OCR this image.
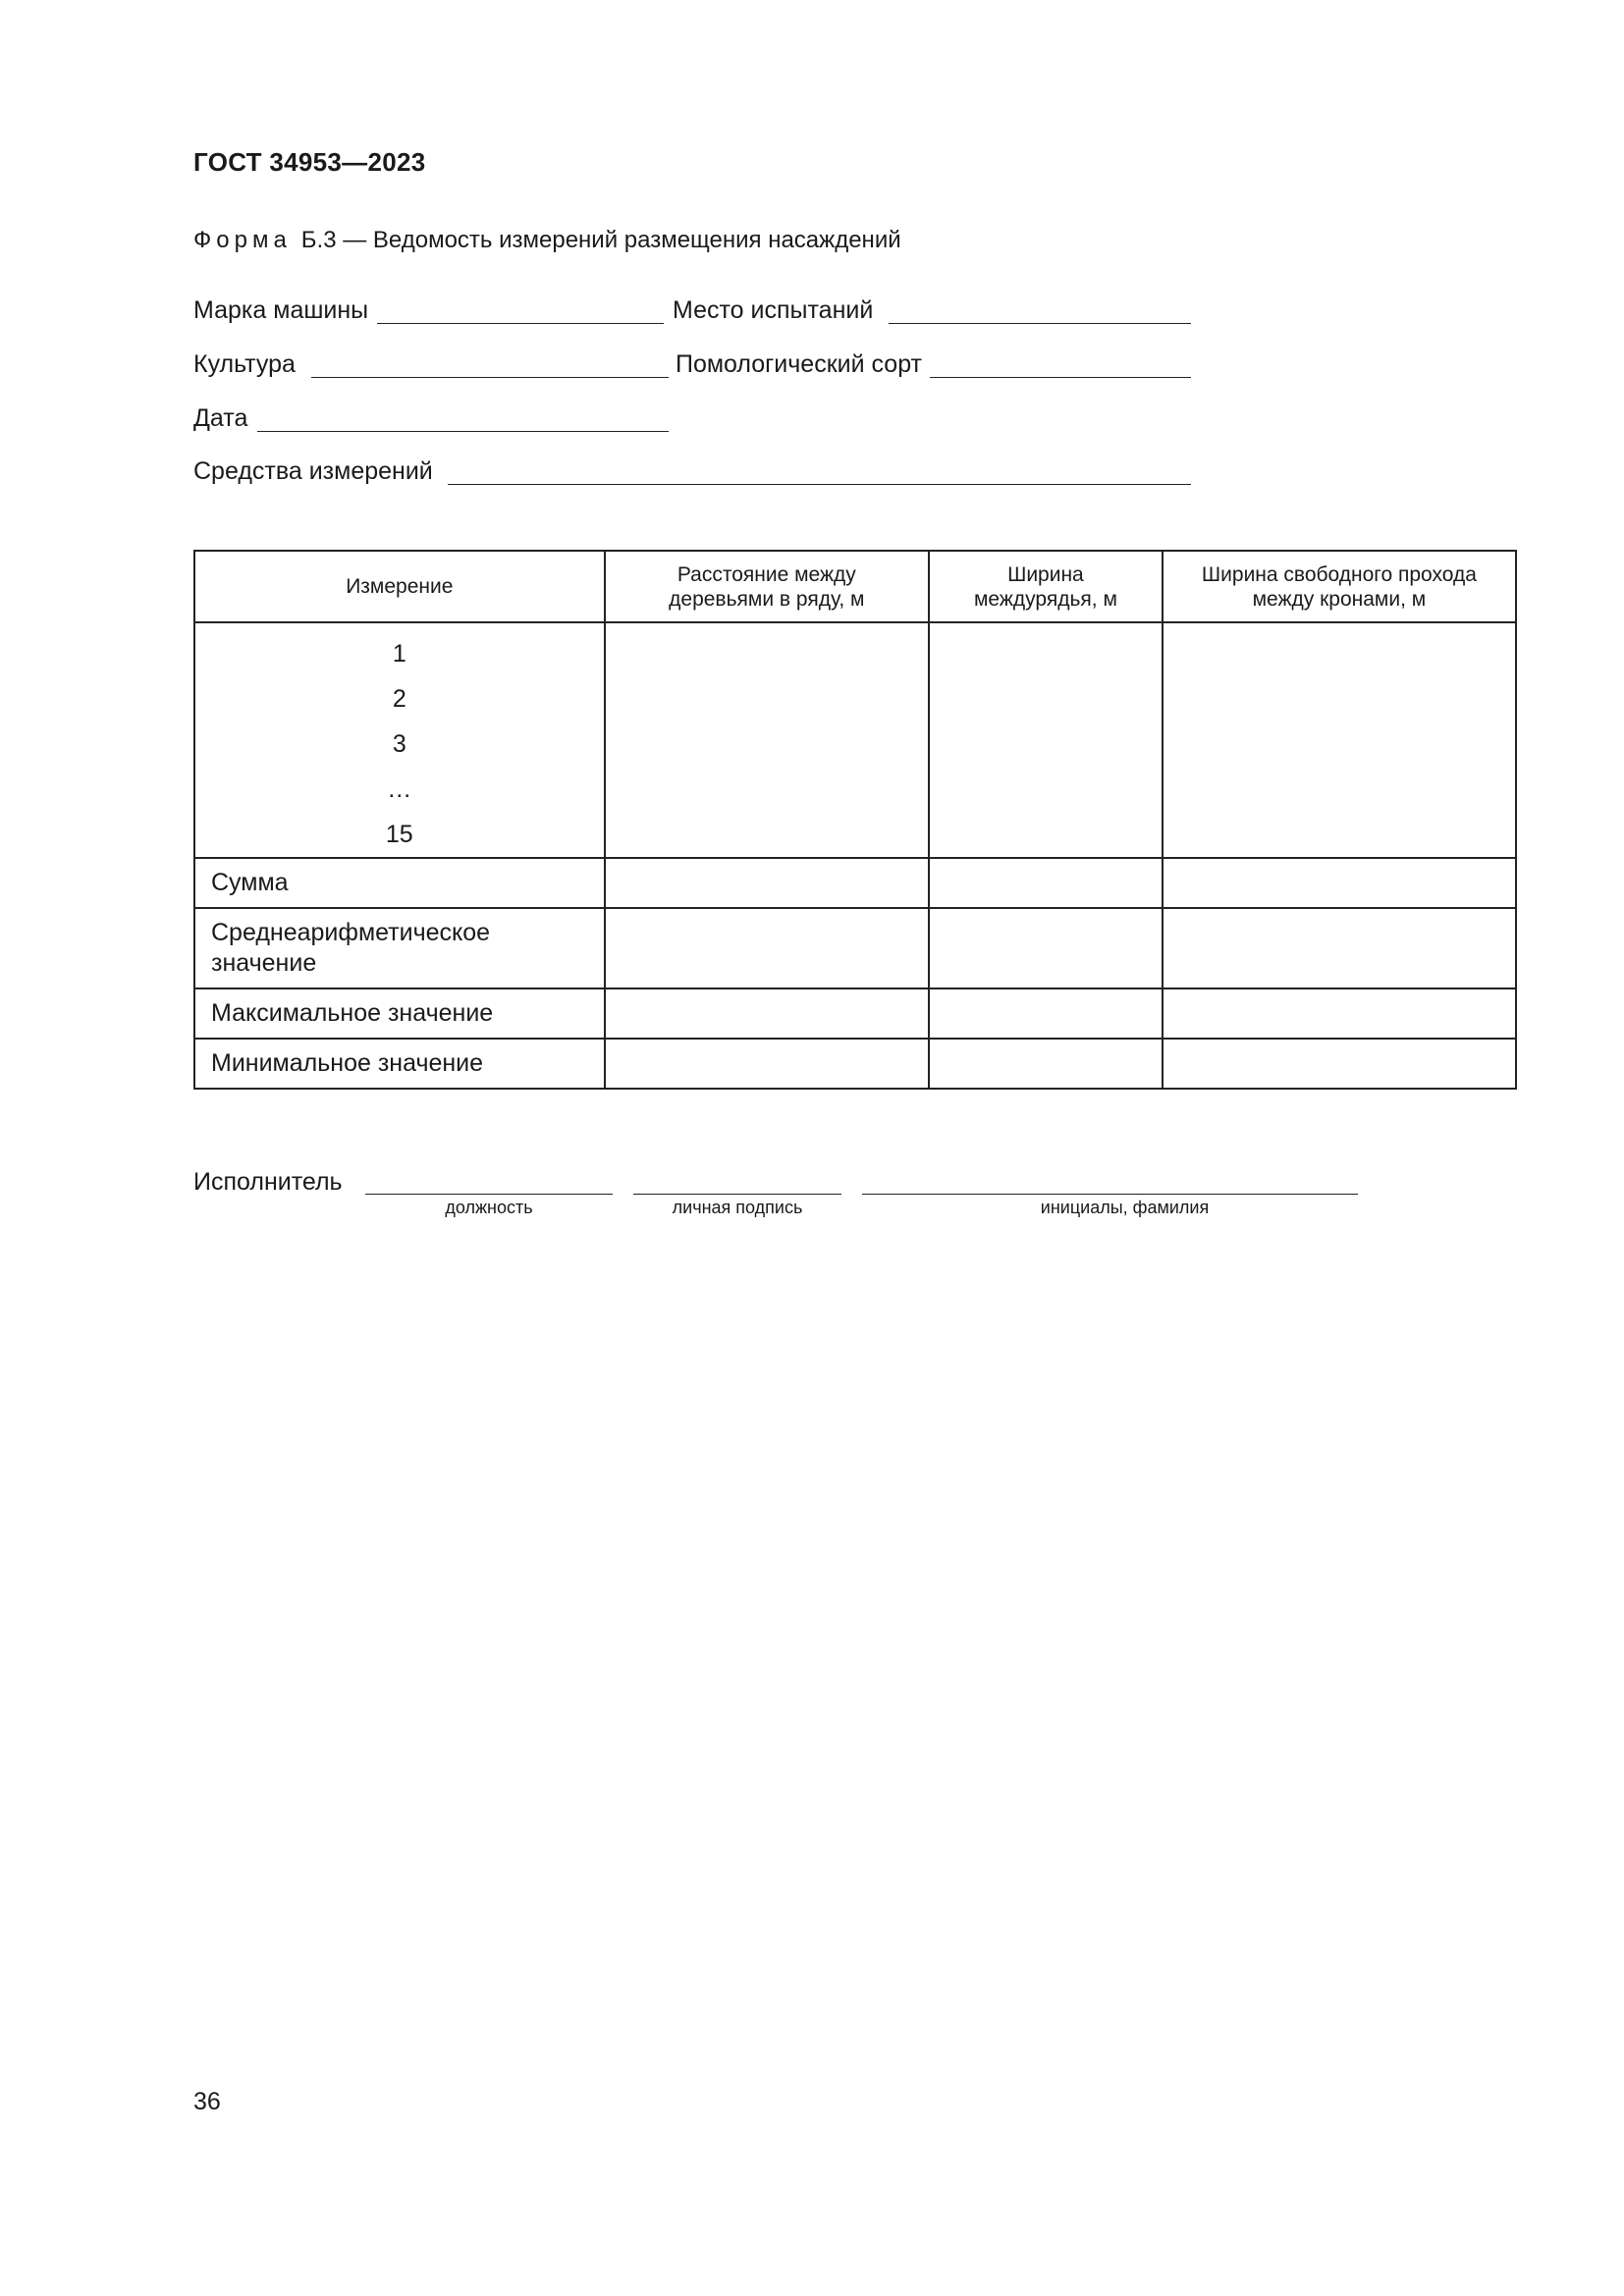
ГОСТ 34953—2023
Форма Б.3 — Ведомость измерений размещения насаждений
Марка машины	Место испытаний
Культура	Помологический сорт
Дата
Средства измерений
Измерение	Расстояние между деревьями в ряду, м	Ширина междурядья, м	Ширина свободного прохода между кронами, м

1
2
3
…
15			

Сумма			
Среднеарифметическое значение			
Максимальное значение			
Минимальное значение			
Исполнитель
должность	личная подпись	инициалы, фамилия
36
